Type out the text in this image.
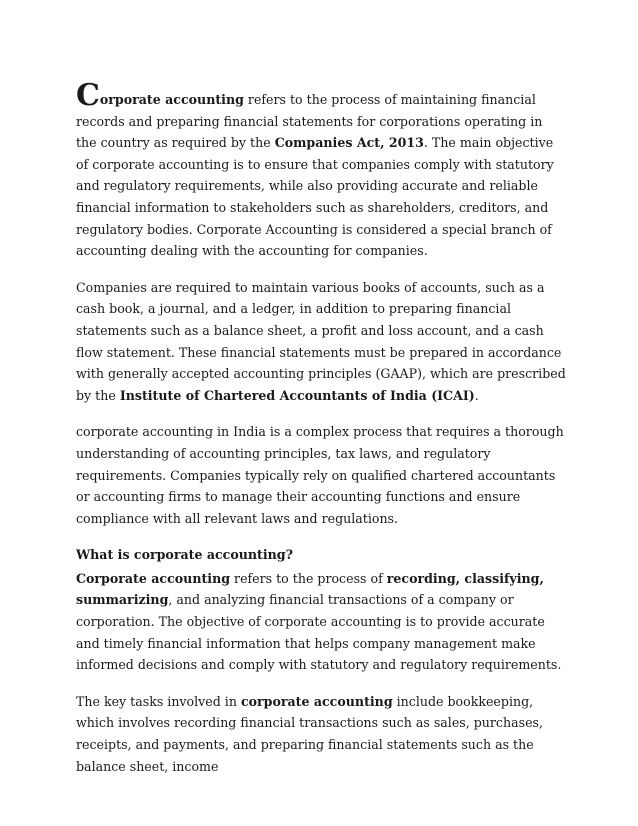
Corporate accounting refers to the process of maintaining financial records and preparing financial statements for corporations operating in the country as required by the Companies Act, 2013. The main objective of corporate accounting is to ensure that companies comply with statutory and regulatory requirements, while also providing accurate and reliable financial information to stakeholders such as shareholders, creditors, and regulatory bodies. Corporate Accounting is considered a special branch of accounting dealing with the accounting for companies.

Companies are required to maintain various books of accounts, such as a cash book, a journal, and a ledger, in addition to preparing financial statements such as a balance sheet, a profit and loss account, and a cash flow statement. These financial statements must be prepared in accordance with generally accepted accounting principles (GAAP), which are prescribed by the Institute of Chartered Accountants of India (ICAI).

corporate accounting in India is a complex process that requires a thorough understanding of accounting principles, tax laws, and regulatory requirements. Companies typically rely on qualified chartered accountants or accounting firms to manage their accounting functions and ensure compliance with all relevant laws and regulations.

What is corporate accounting?

Corporate accounting refers to the process of recording, classifying, summarizing, and analyzing financial transactions of a company or corporation. The objective of corporate accounting is to provide accurate and timely financial information that helps company management make informed decisions and comply with statutory and regulatory requirements.

The key tasks involved in corporate accounting include bookkeeping, which involves recording financial transactions such as sales, purchases, receipts, and payments, and preparing financial statements such as the balance sheet, income
